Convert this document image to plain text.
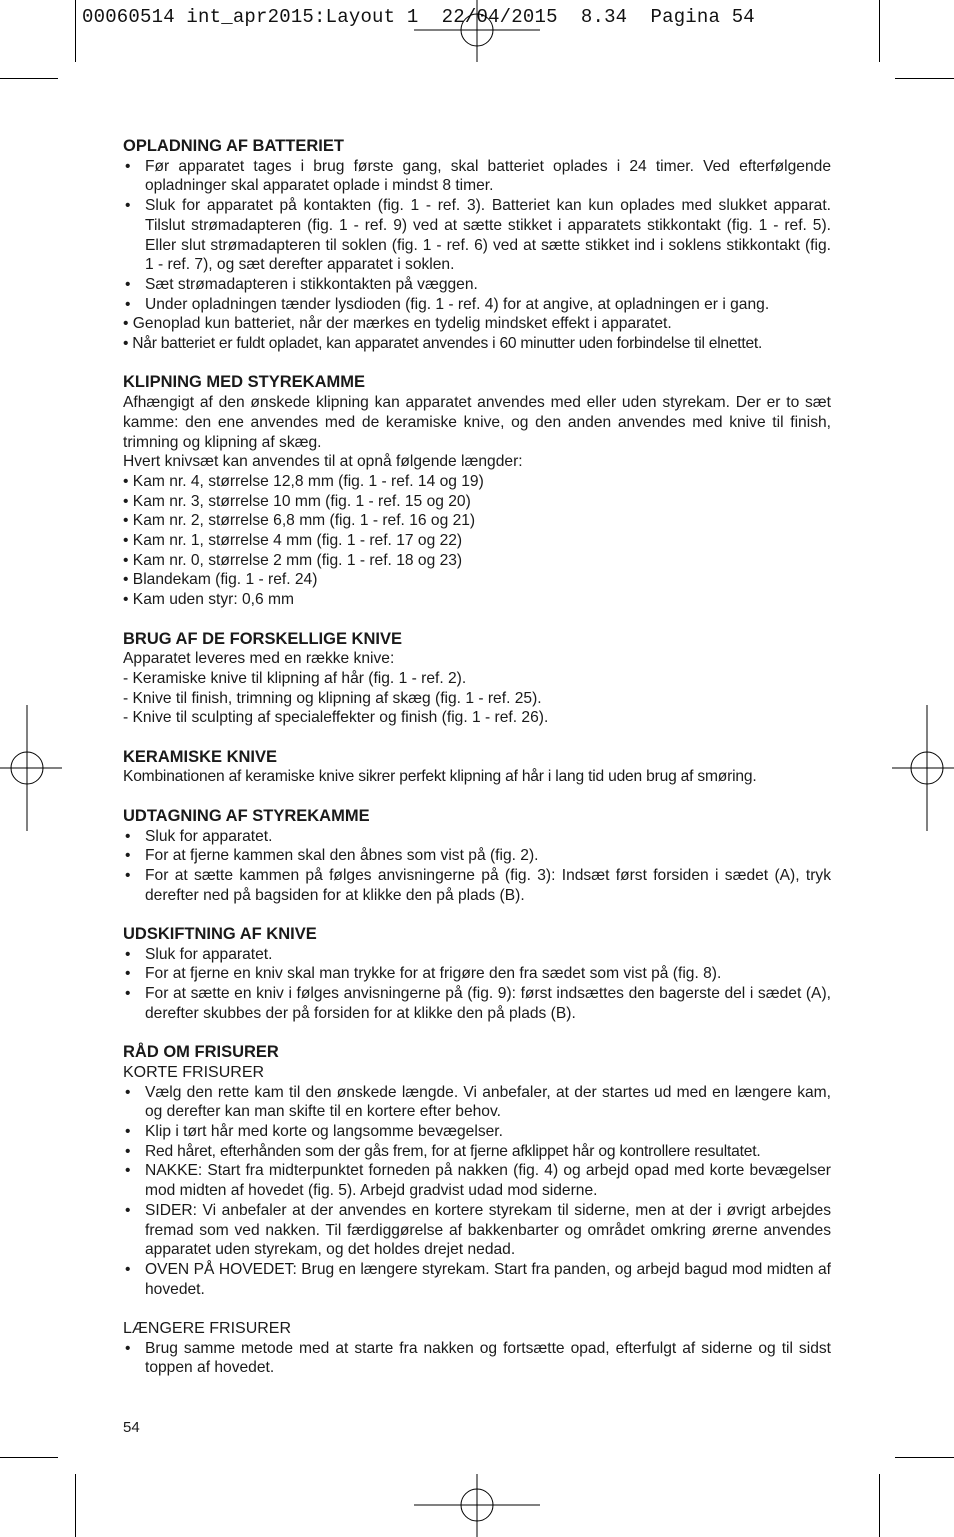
00060514 int_apr2015:Layout 1  22/04/2015  8.34  Pagina 54
OPLADNING AF BATTERIET
• Før apparatet tages i brug første gang, skal batteriet oplades i 24 timer. Ved efterfølgende opladninger skal apparatet oplade i mindst 8 timer.
• Sluk for apparatet på kontakten (fig. 1 - ref. 3). Batteriet kan kun oplades med slukket apparat. Tilslut strømadapteren (fig. 1 - ref. 9) ved at sætte stikket i apparatets stikkontakt (fig. 1 - ref. 5). Eller slut strømadapteren til soklen (fig. 1 - ref. 6) ved at sætte stikket ind i soklens stikkontakt (fig. 1 - ref. 7), og sæt derefter apparatet i soklen.
• Sæt strømadapteren i stikkontakten på væggen.
• Under opladningen tænder lysdioden (fig. 1 - ref. 4) for at angive, at opladningen er i gang.
• Genoplad kun batteriet, når der mærkes en tydelig mindsket effekt i apparatet.
• Når batteriet er fuldt opladet, kan apparatet anvendes i 60 minutter uden forbindelse til elnettet.
KLIPNING MED STYREKAMME

Afhængigt af den ønskede klipning kan apparatet anvendes med eller uden styrekam. Der er to sæt kamme: den ene anvendes med de keramiske knive, og den anden anvendes med knive til finish, trimning og klipning af skæg.

Hvert knivsæt kan anvendes til at opnå følgende længder:

• Kam nr. 4, størrelse 12,8 mm (fig. 1 - ref. 14 og 19)
• Kam nr. 3, størrelse 10 mm (fig. 1 - ref. 15 og 20)
• Kam nr. 2, størrelse 6,8 mm (fig. 1 - ref. 16 og 21)
• Kam nr. 1, størrelse 4 mm (fig. 1 - ref. 17 og 22)
• Kam nr. 0, størrelse 2 mm (fig. 1 - ref. 18 og 23)
• Blandekam (fig. 1 - ref. 24)
• Kam uden styr: 0,6 mm
BRUG AF DE FORSKELLIGE KNIVE

Apparatet leveres med en række knive:

- Keramiske knive til klipning af hår (fig. 1 - ref. 2).
- Knive til finish, trimning og klipning af skæg (fig. 1 - ref. 25).
- Knive til sculpting af specialeffekter og finish (fig. 1 - ref. 26).
KERAMISKE KNIVE

Kombinationen af keramiske knive sikrer perfekt klipning af hår i lang tid uden brug af smøring.

UDTAGNING AF STYREKAMME
• Sluk for apparatet.
• For at fjerne kammen skal den åbnes som vist på (fig. 2).
• For at sætte kammen på følges anvisningerne på (fig. 3): Indsæt først forsiden i sædet (A), tryk derefter ned på bagsiden for at klikke den på plads (B).
UDSKIFTNING AF KNIVE
• Sluk for apparatet.
• For at fjerne en kniv skal man trykke for at frigøre den fra sædet som vist på (fig. 8).
• For at sætte en kniv i følges anvisningerne på (fig. 9): først indsættes den bagerste del i sædet (A), derefter skubbes der på forsiden for at klikke den på plads (B).
RÅD OM FRISURER
KORTE FRISURER
• Vælg den rette kam til den ønskede længde. Vi anbefaler, at der startes ud med en længere kam, og derefter kan man skifte til en kortere efter behov.
• Klip i tørt hår med korte og langsomme bevægelser.
• Red håret, efterhånden som der gås frem, for at fjerne afklippet hår og kontrollere resultatet.
• NAKKE: Start fra midterpunktet forneden på nakken (fig. 4) og arbejd opad med korte bevægelser mod midten af hovedet (fig. 5). Arbejd gradvist udad mod siderne.
• SIDER: Vi anbefaler at der anvendes en kortere styrekam til siderne, men at der i øvrigt arbejdes fremad som ved nakken. Til færdiggørelse af bakkenbarter og området omkring ørerne anvendes apparatet uden styrekam, og det holdes drejet nedad.
• OVEN PÅ HOVEDET: Brug en længere styrekam. Start fra panden, og arbejd bagud mod midten af hovedet.
LÆNGERE FRISURER
• Brug samme metode med at starte fra nakken og fortsætte opad, efterfulgt af siderne og til sidst toppen af hovedet.
54
